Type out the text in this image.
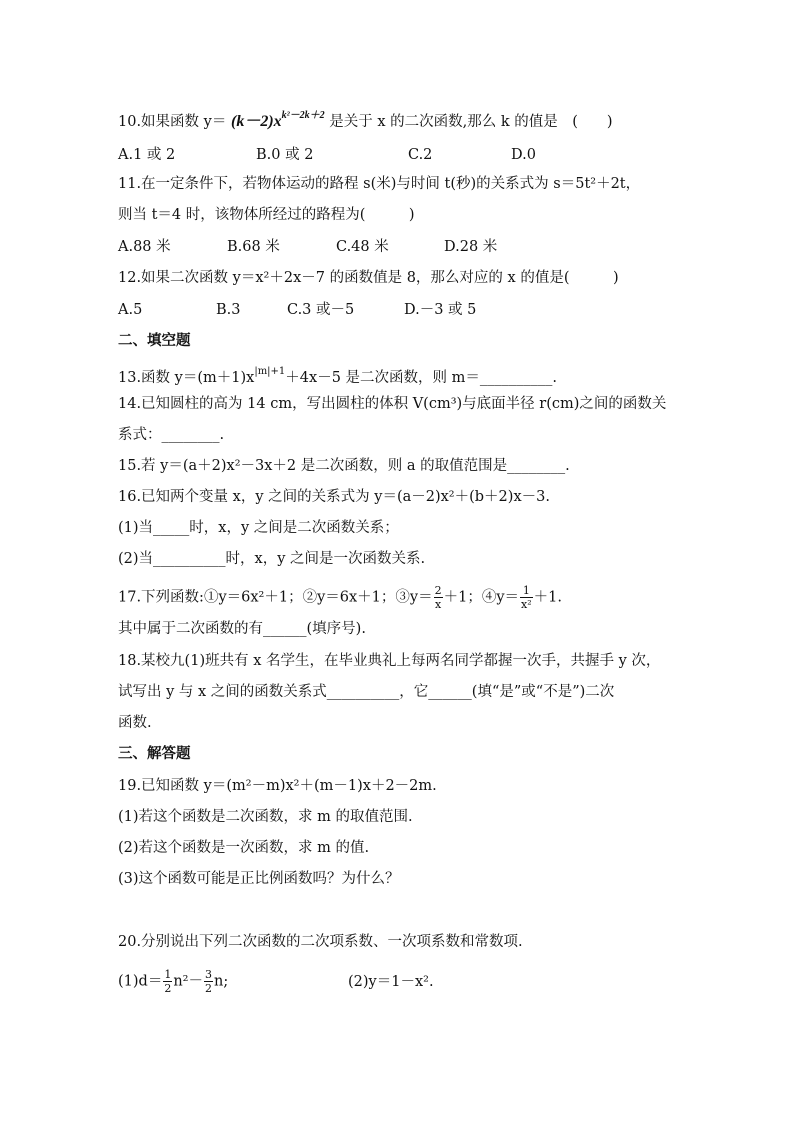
10.如果函数 $y= (k-2)x^{k^2-2k+2}$ 是关于 x 的二次函数,那么 k 的值是　(　　)
A.1 或 2	B.0 或 2	C.2	D.0
11.在一定条件下，若物体运动的路程 s(米)与时间 t(秒)的关系式为 s＝5t²＋2t，
则当 t＝4 时，该物体所经过的路程为(　　　)
A.88 米	B.68 米	C.48 米	D.28 米
12.如果二次函数 y＝x²＋2x－7 的函数值是 8，那么对应的 x 的值是(　　　)
A.5	B.3	C.3 或－5	D.－3 或 5
二、填空题
13.函数 $y=(m+1)x^{|m|+1}+4x-5$ 是二次函数，则 m＝__________.
14.已知圆柱的高为 14 cm，写出圆柱的体积 V(cm³)与底面半径 r(cm)之间的函数关
系式：________.
15.若 y＝(a＋2)x²－3x＋2 是二次函数，则 a 的取值范围是________.
16.已知两个变量 x，y 之间的关系式为 y＝(a－2)x²＋(b＋2)x－3.
(1)当_____时，x，y 之间是二次函数关系；
(2)当__________时，x，y 之间是一次函数关系.
17.下列函数:①y＝6x²＋1；②y＝6x＋1；③y＝ $\frac{2}{x} +1$；④y＝ $\frac{1}{\text{x²}} +1$.
其中属于二次函数的有______(填序号).
18.某校九(1)班共有 x 名学生，在毕业典礼上每两名同学都握一次手，共握手 y 次，
试写出 y 与 x 之间的函数关系式__________，它______(填“是”或“不是”)二次
函数.
三、解答题
19.已知函数 y＝(m²－m)x²＋(m－1)x＋2－2m.
(1)若这个函数是二次函数，求 m 的取值范围.
(2)若这个函数是一次函数，求 m 的值.
(3)这个函数可能是正比例函数吗？为什么？
20.分别说出下列二次函数的二次项系数、一次项系数和常数项.
$(1)d= \frac{1}{2} n^2- \frac{3}{2} n$;	(2)y＝1－x².
